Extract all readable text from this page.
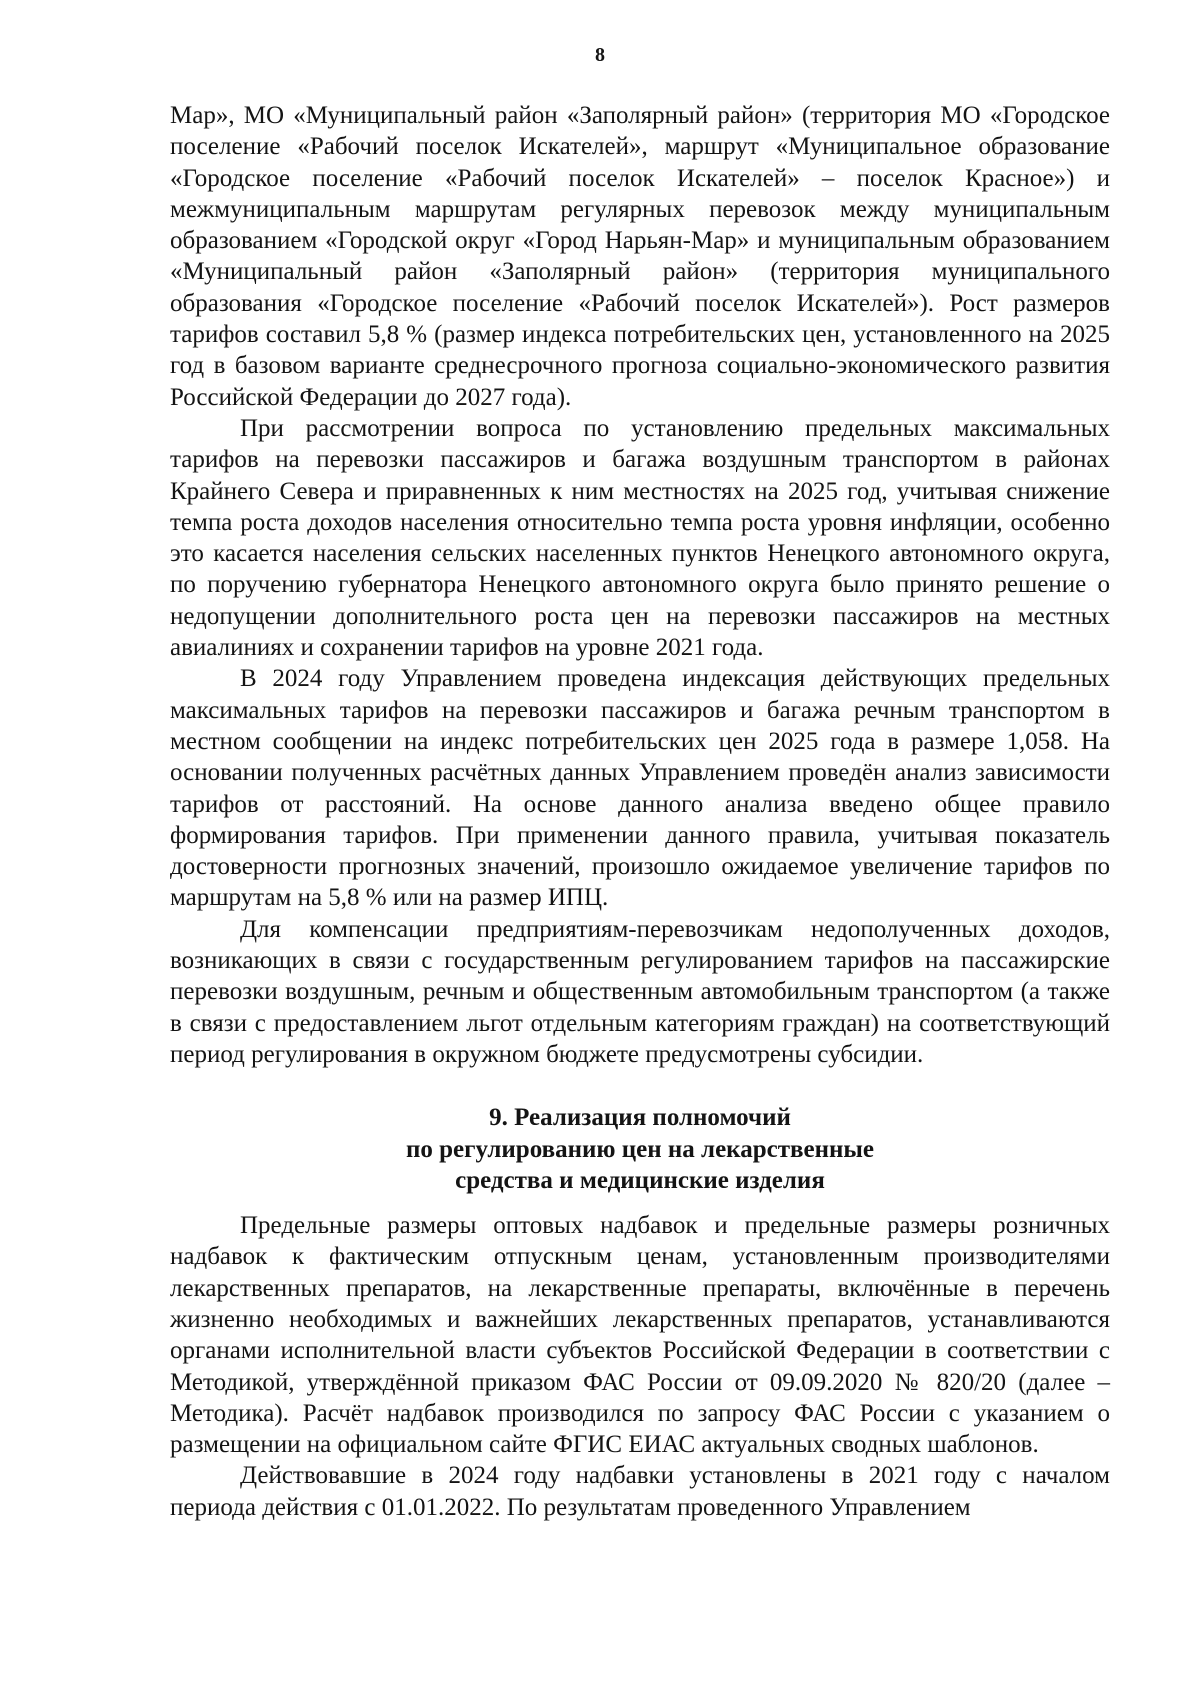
8

Мар», МО «Муниципальный район «Заполярный район» (территория МО «Городское поселение «Рабочий поселок Искателей», маршрут «Муниципальное образование «Городское поселение «Рабочий поселок Искателей» – поселок Красное») и межмуниципальным маршрутам регулярных перевозок между муниципальным образованием «Городской округ «Город Нарьян-Мар» и муниципальным образованием «Муниципальный район «Заполярный район» (территория муниципального образования «Городское поселение «Рабочий поселок Искателей»). Рост размеров тарифов составил 5,8 % (размер индекса потребительских цен, установленного на 2025 год в базовом варианте среднесрочного прогноза социально-экономического развития Российской Федерации до 2027 года).

При рассмотрении вопроса по установлению предельных максимальных тарифов на перевозки пассажиров и багажа воздушным транспортом в районах Крайнего Севера и приравненных к ним местностях на 2025 год, учитывая снижение темпа роста доходов населения относительно темпа роста уровня инфляции, особенно это касается населения сельских населенных пунктов Ненецкого автономного округа, по поручению губернатора Ненецкого автономного округа было принято решение о недопущении дополнительного роста цен на перевозки пассажиров на местных авиалиниях и сохранении тарифов на уровне 2021 года.

В 2024 году Управлением проведена индексация действующих предельных максимальных тарифов на перевозки пассажиров и багажа речным транспортом в местном сообщении на индекс потребительских цен 2025 года в размере 1,058. На основании полученных расчётных данных Управлением проведён анализ зависимости тарифов от расстояний. На основе данного анализа введено общее правило формирования тарифов. При применении данного правила, учитывая показатель достоверности прогнозных значений, произошло ожидаемое увеличение тарифов по маршрутам на 5,8 % или на размер ИПЦ.

Для компенсации предприятиям-перевозчикам недополученных доходов, возникающих в связи с государственным регулированием тарифов на пассажирские перевозки воздушным, речным и общественным автомобильным транспортом (а также в связи с предоставлением льгот отдельным категориям граждан) на соответствующий период регулирования в окружном бюджете предусмотрены субсидии.

9. Реализация полномочий
по регулированию цен на лекарственные
средства и медицинские изделия

Предельные размеры оптовых надбавок и предельные размеры розничных надбавок к фактическим отпускным ценам, установленным производителями лекарственных препаратов, на лекарственные препараты, включённые в перечень жизненно необходимых и важнейших лекарственных препаратов, устанавливаются органами исполнительной власти субъектов Российской Федерации в соответствии с Методикой, утверждённой приказом ФАС России от 09.09.2020 № 820/20 (далее – Методика). Расчёт надбавок производился по запросу ФАС России с указанием о размещении на официальном сайте ФГИС ЕИАС актуальных сводных шаблонов.

Действовавшие в 2024 году надбавки установлены в 2021 году с началом периода действия с 01.01.2022. По результатам проведенного Управлением
